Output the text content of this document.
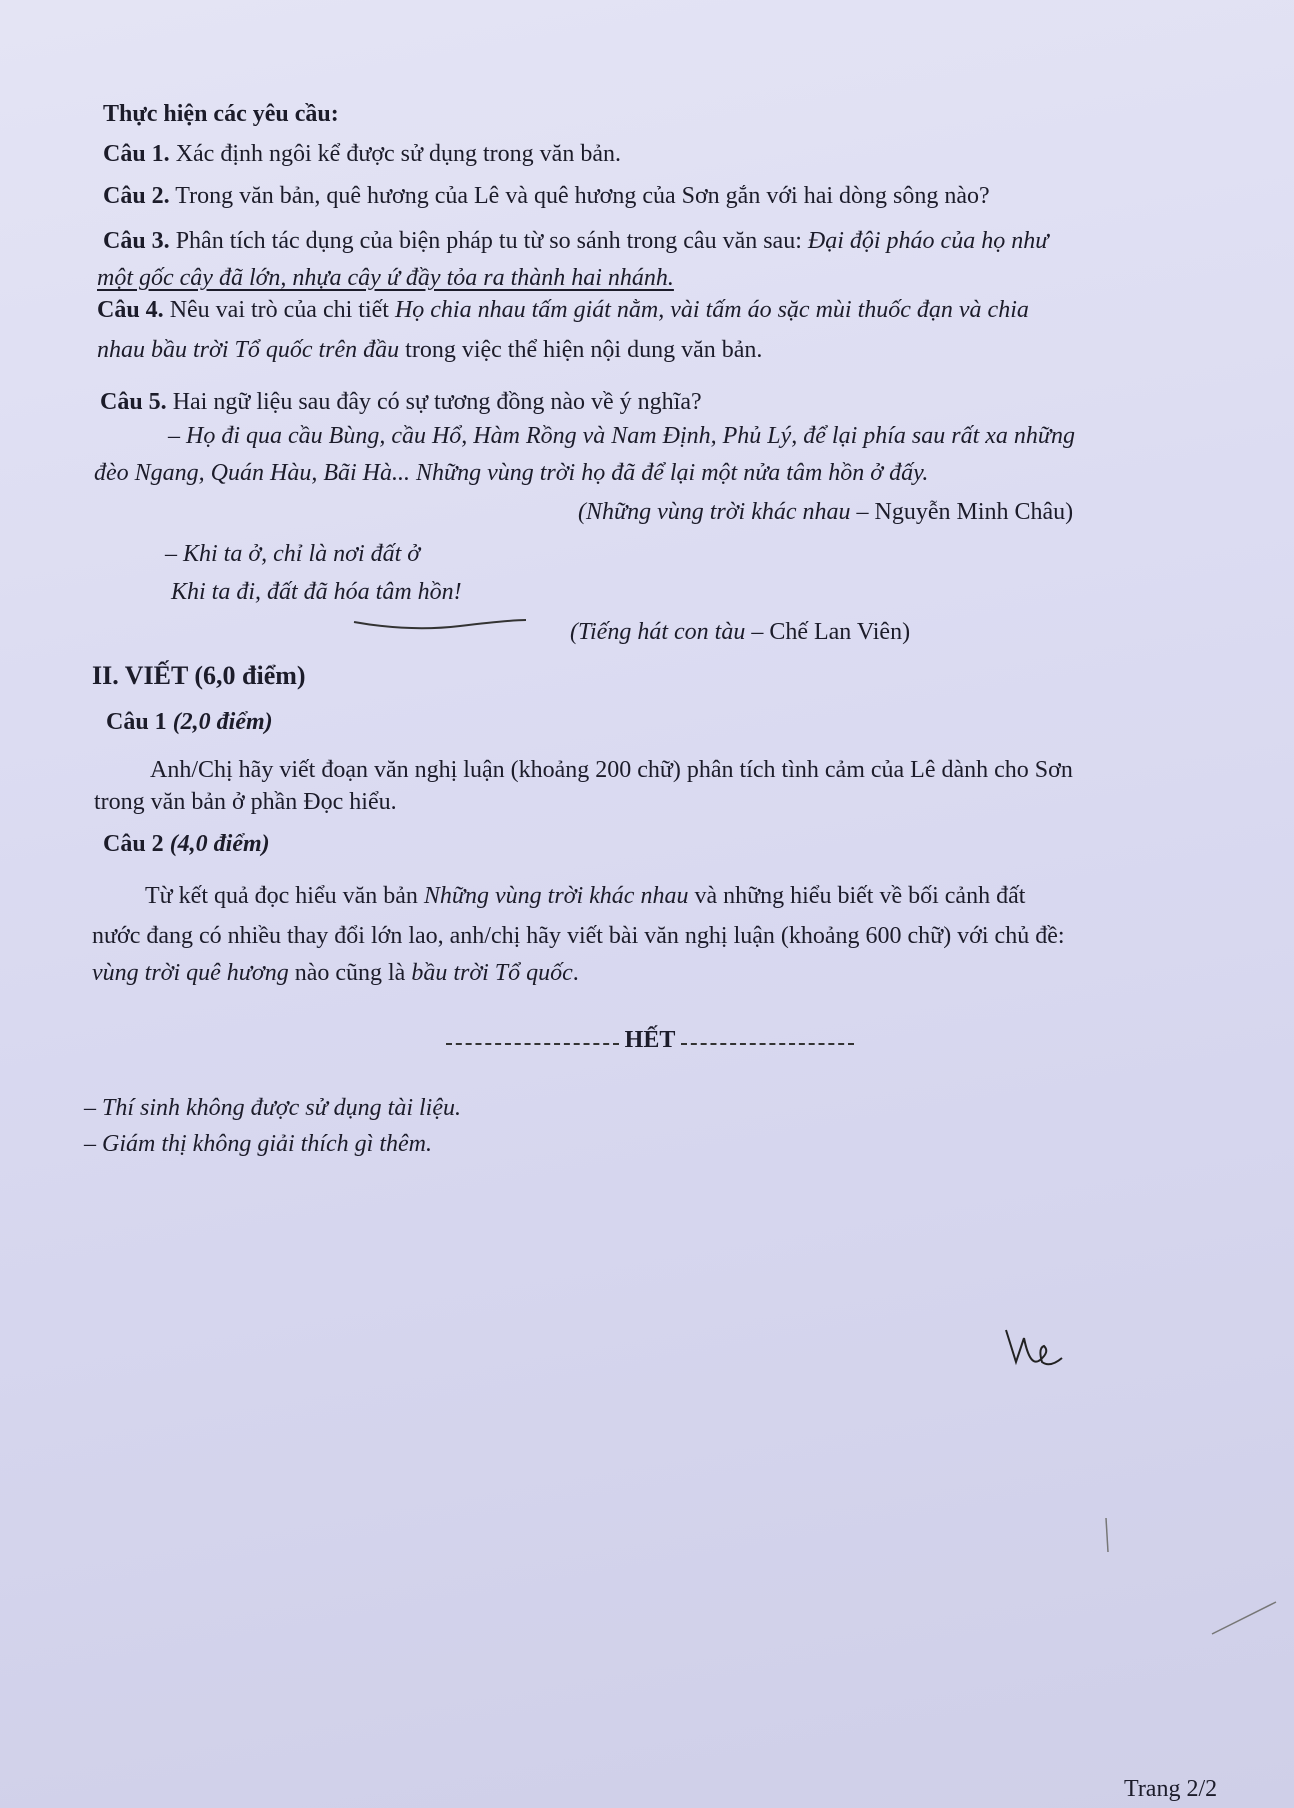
Thực hiện các yêu cầu:
Câu 1. Xác định ngôi kể được sử dụng trong văn bản.
Câu 2. Trong văn bản, quê hương của Lê và quê hương của Sơn gắn với hai dòng sông nào?
Câu 3. Phân tích tác dụng của biện pháp tu từ so sánh trong câu văn sau: Đại đội pháo của họ như
một gốc cây đã lớn, nhựa cây ứ đầy tỏa ra thành hai nhánh.
Câu 4. Nêu vai trò của chi tiết Họ chia nhau tấm giát nằm, vài tấm áo sặc mùi thuốc đạn và chia
nhau bầu trời Tổ quốc trên đầu trong việc thể hiện nội dung văn bản.
Câu 5. Hai ngữ liệu sau đây có sự tương đồng nào về ý nghĩa?
– Họ đi qua cầu Bùng, cầu Hổ, Hàm Rồng và Nam Định, Phủ Lý, để lại phía sau rất xa những
đèo Ngang, Quán Hàu, Bãi Hà... Những vùng trời họ đã để lại một nửa tâm hồn ở đấy.
(Những vùng trời khác nhau – Nguyễn Minh Châu)
– Khi ta ở, chỉ là nơi đất ở
Khi ta đi, đất đã hóa tâm hồn!
(Tiếng hát con tàu – Chế Lan Viên)
II. VIẾT (6,0 điểm)
Câu 1 (2,0 điểm)
Anh/Chị hãy viết đoạn văn nghị luận (khoảng 200 chữ) phân tích tình cảm của Lê dành cho Sơn
trong văn bản ở phần Đọc hiểu.
Câu 2 (4,0 điểm)
Từ kết quả đọc hiểu văn bản Những vùng trời khác nhau và những hiểu biết về bối cảnh đất
nước đang có nhiều thay đổi lớn lao, anh/chị hãy viết bài văn nghị luận (khoảng 600 chữ) với chủ đề:
vùng trời quê hương nào cũng là bầu trời Tổ quốc.
HẾT
– Thí sinh không được sử dụng tài liệu.
– Giám thị không giải thích gì thêm.
Trang 2/2
